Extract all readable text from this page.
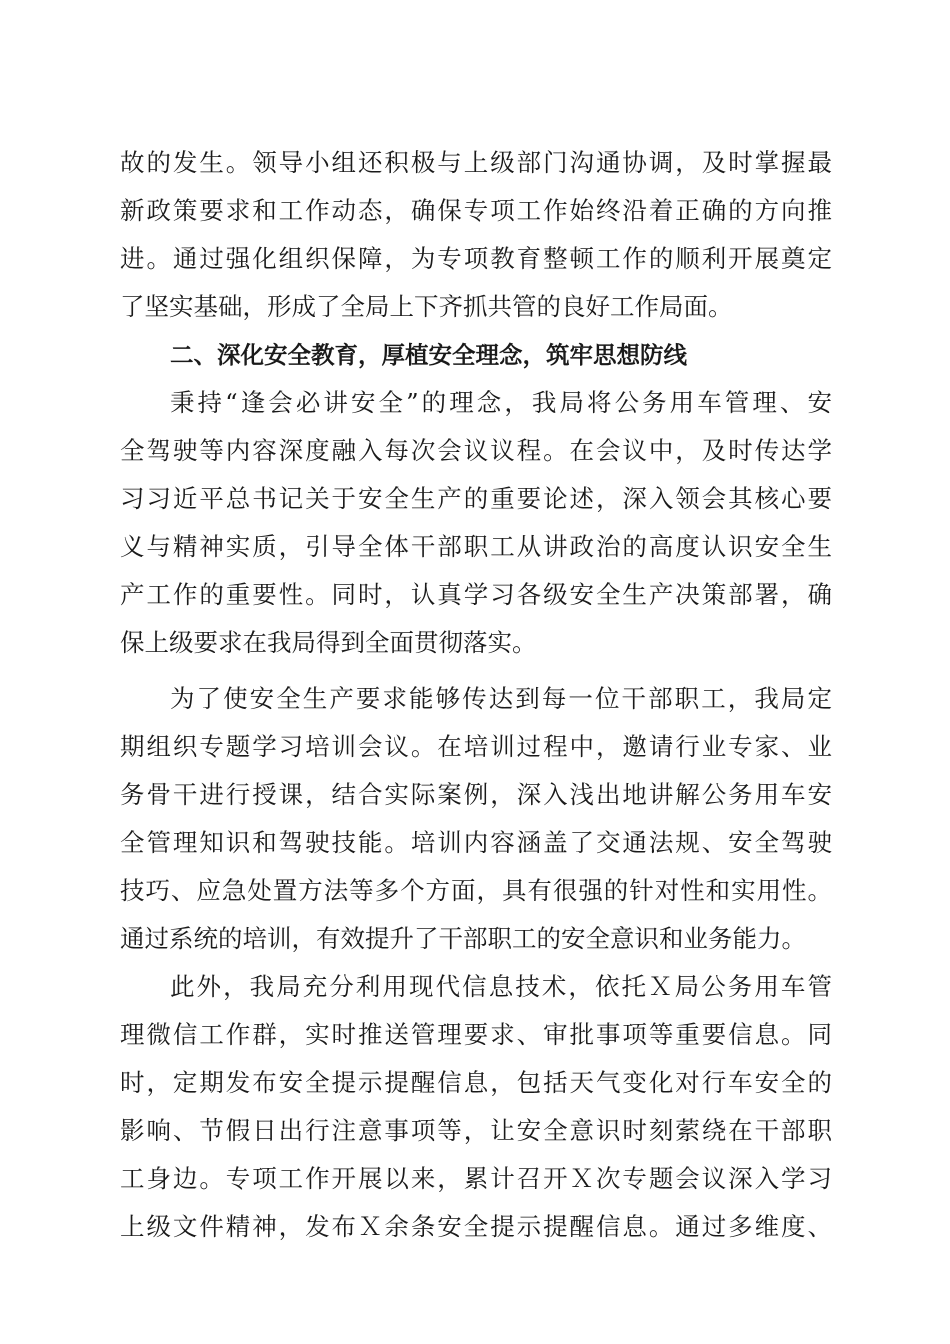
故的发生。领导小组还积极与上级部门沟通协调，及时掌握最
新政策要求和工作动态，确保专项工作始终沿着正确的方向推
进。通过强化组织保障，为专项教育整顿工作的顺利开展奠定
了坚实基础，形成了全局上下齐抓共管的良好工作局面。
二、深化安全教育，厚植安全理念，筑牢思想防线
秉持“逢会必讲安全”的理念，我局将公务用车管理、安
全驾驶等内容深度融入每次会议议程。在会议中，及时传达学
习习近平总书记关于安全生产的重要论述，深入领会其核心要
义与精神实质，引导全体干部职工从讲政治的高度认识安全生
产工作的重要性。同时，认真学习各级安全生产决策部署，确
保上级要求在我局得到全面贯彻落实。
为了使安全生产要求能够传达到每一位干部职工，我局定
期组织专题学习培训会议。在培训过程中，邀请行业专家、业
务骨干进行授课，结合实际案例，深入浅出地讲解公务用车安
全管理知识和驾驶技能。培训内容涵盖了交通法规、安全驾驶
技巧、应急处置方法等多个方面，具有很强的针对性和实用性。
通过系统的培训，有效提升了干部职工的安全意识和业务能力。
此外，我局充分利用现代信息技术，依托Ｘ局公务用车管
理微信工作群，实时推送管理要求、审批事项等重要信息。同
时，定期发布安全提示提醒信息，包括天气变化对行车安全的
影响、节假日出行注意事项等，让安全意识时刻萦绕在干部职
工身边。专项工作开展以来，累计召开Ｘ次专题会议深入学习
上级文件精神，发布Ｘ余条安全提示提醒信息。通过多维度、
